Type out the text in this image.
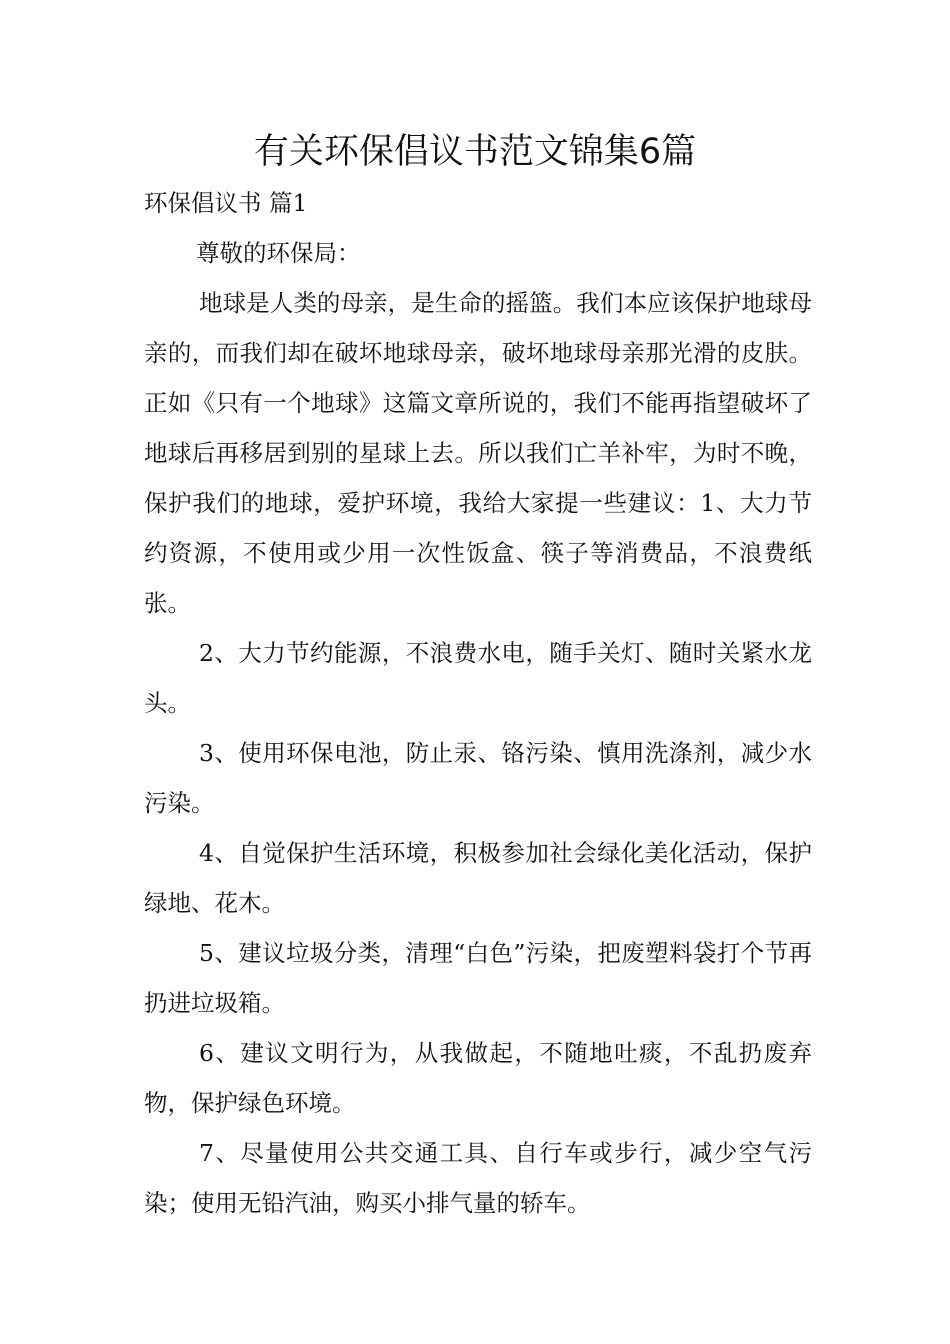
有关环保倡议书范文锦集6篇

环保倡议书 篇1

尊敬的环保局：

地球是人类的母亲，是生命的摇篮。我们本应该保护地球母亲的，而我们却在破坏地球母亲，破坏地球母亲那光滑的皮肤。正如《只有一个地球》这篇文章所说的，我们不能再指望破坏了地球后再移居到别的星球上去。所以我们亡羊补牢，为时不晚，保护我们的地球，爱护环境，我给大家提一些建议：1、大力节约资源，不使用或少用一次性饭盒、筷子等消费品，不浪费纸张。

2、大力节约能源，不浪费水电，随手关灯、随时关紧水龙头。

3、使用环保电池，防止汞、铬污染、慎用洗涤剂，减少水污染。

4、自觉保护生活环境，积极参加社会绿化美化活动，保护绿地、花木。

5、建议垃圾分类，清理“白色”污染，把废塑料袋打个节再扔进垃圾箱。

6、建议文明行为，从我做起，不随地吐痰，不乱扔废弃物，保护绿色环境。

7、尽量使用公共交通工具、自行车或步行，减少空气污染；使用无铅汽油，购买小排气量的轿车。
